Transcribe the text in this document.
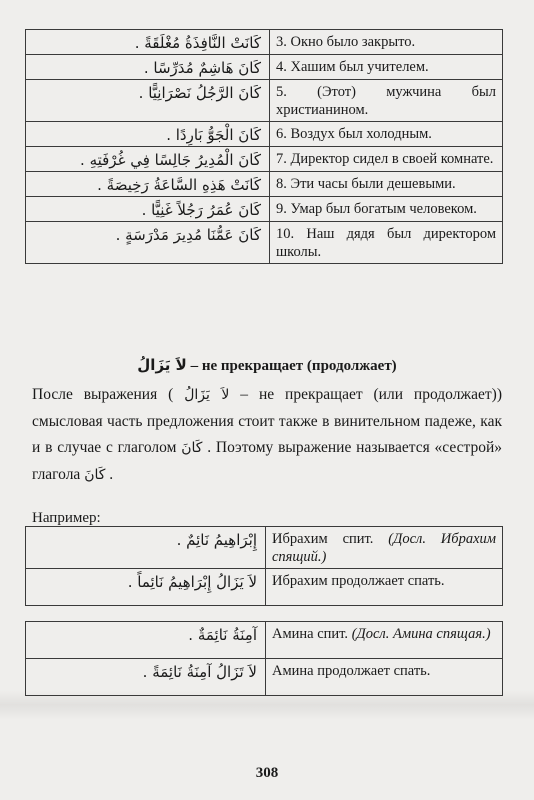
كَانَتْ النَّافِذَةُ مُغْلَقَةً .	3. Окно было закрыто.
كَانَ هَاشِمٌ مُدَرِّسًا .	4. Хашим был учителем.
كَانَ الرَّجُلُ نَصْرَانِيًّا .	5. (Этот) мужчина был христианином.
كَانَ الْجَوُّ بَارِدًا .	6. Воздух был холодным.
كَانَ الْمُدِيرُ جَالِسًا فِي غُرْفَتِهِ .	7. Директор сидел в своей комнате.
كَانَتْ هَذِهِ السَّاعَةُ رَخِيصَةً .	8. Эти часы были дешевыми.
كَانَ عُمَرُ رَجُلاً غَنِيًّا .	9. Умар был богатым человеком.
كَانَ عَمُّنَا مُدِيرَ مَدْرَسَةٍ .	10. Наш дядя был директором школы.
لاَ يَزَالُ – не прекращает (продолжает)
После выражения ( لاَ يَزَالُ – не прекращает (или продолжает)) смысловая часть предложения стоит также в винительном падеже, как и в случае с глаголом كَانَ . Поэтому выражение называется «сестрой» глагола كَانَ .
Например:
إِبْرَاهِيمُ نَائِمٌ .	Ибрахим спит. (Досл. Ибрахим спящий.)
لاَ يَزَالُ إِبْرَاهِيمُ نَائِماً .	Ибрахим продолжает спать.
آمِنَةُ نَائِمَةٌ .	Амина спит. (Досл. Амина спящая.)
لاَ تَزَالُ آمِنَةُ نَائِمَةً .	Амина продолжает спать.
308
